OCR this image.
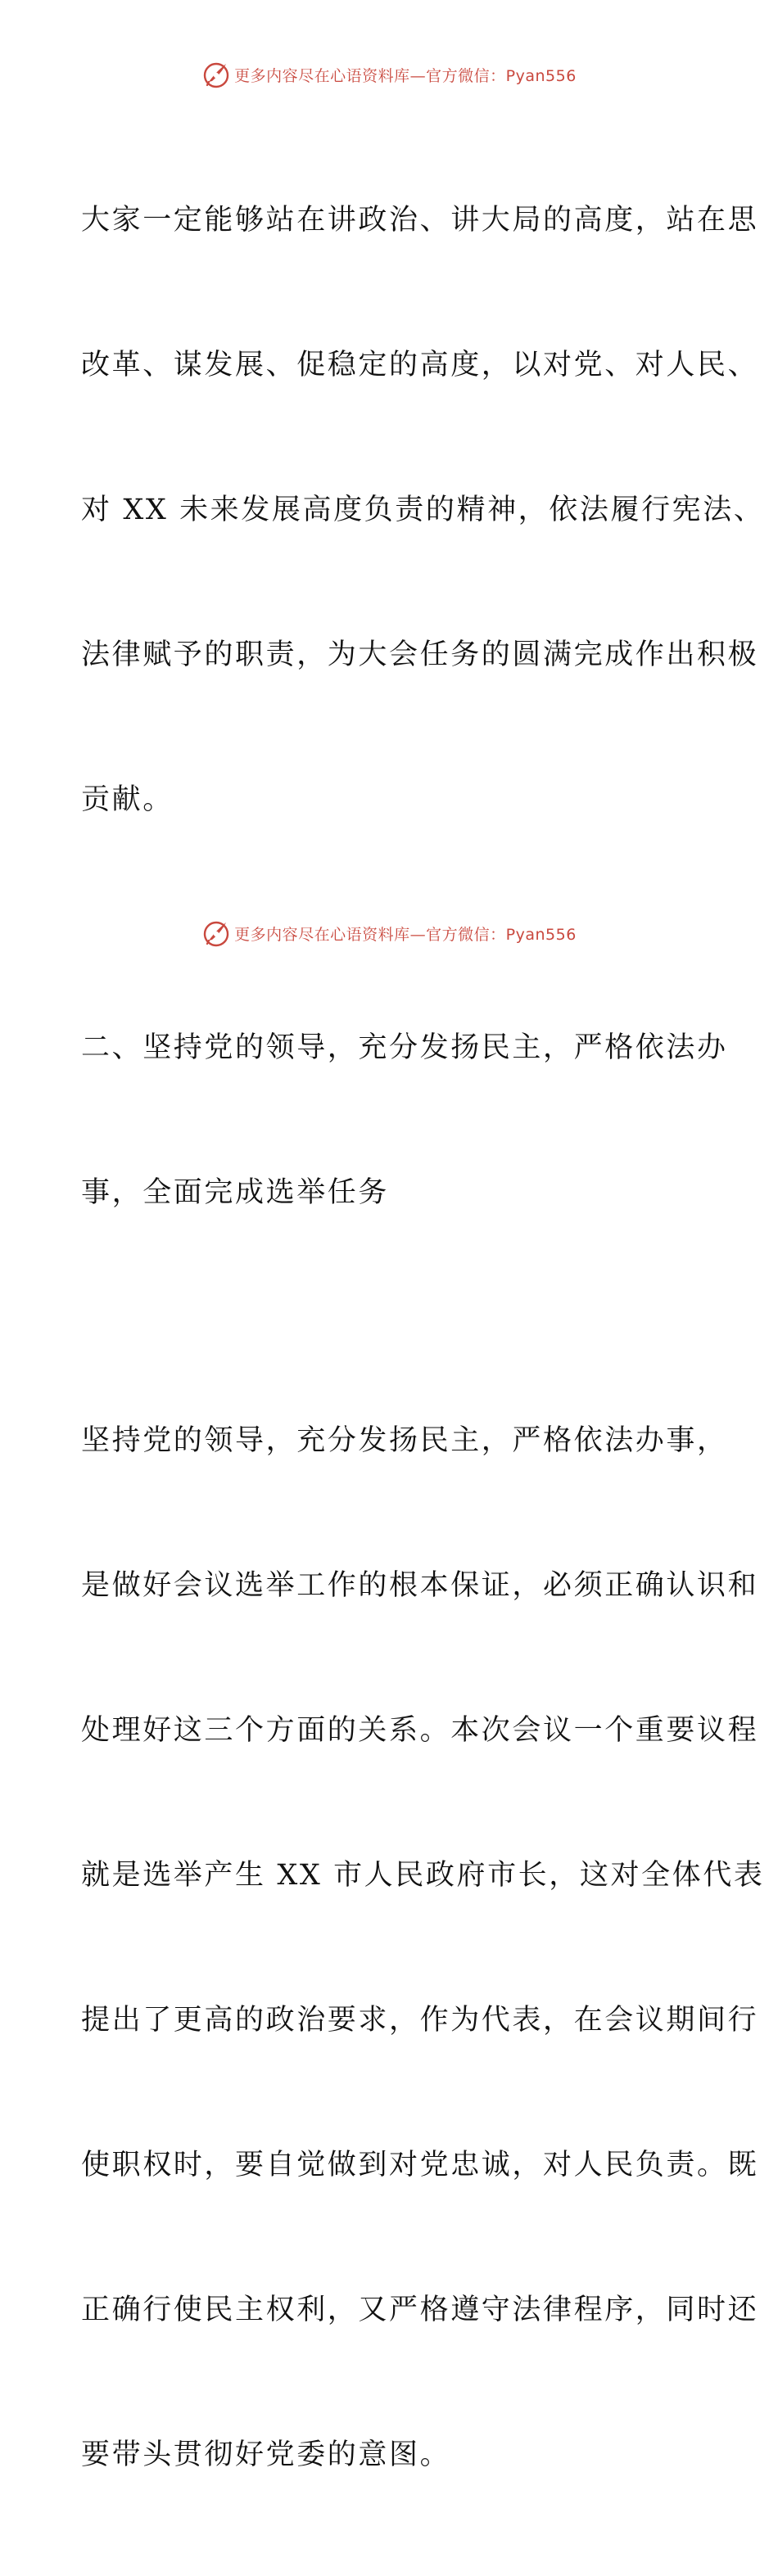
更多内容尽在心语资料库—官方微信：Pyan556

大家一定能够站在讲政治、讲大局的高度，站在思

改革、谋发展、促稳定的高度，以对党、对人民、

对 XX 未来发展高度负责的精神，依法履行宪法、

法律赋予的职责，为大会任务的圆满完成作出积极

贡献。

二、坚持党的领导，充分发扬民主，严格依法办

事，全面完成选举任务

坚持党的领导，充分发扬民主，严格依法办事，

是做好会议选举工作的根本保证，必须正确认识和

处理好这三个方面的关系。本次会议一个重要议程

就是选举产生 XX 市人民政府市长，这对全体代表

提出了更高的政治要求，作为代表，在会议期间行

使职权时，要自觉做到对党忠诚，对人民负责。既

正确行使民主权利，又严格遵守法律程序，同时还

要带头贯彻好党委的意图。

更多内容尽在心语资料库—官方微信：Pyan556
